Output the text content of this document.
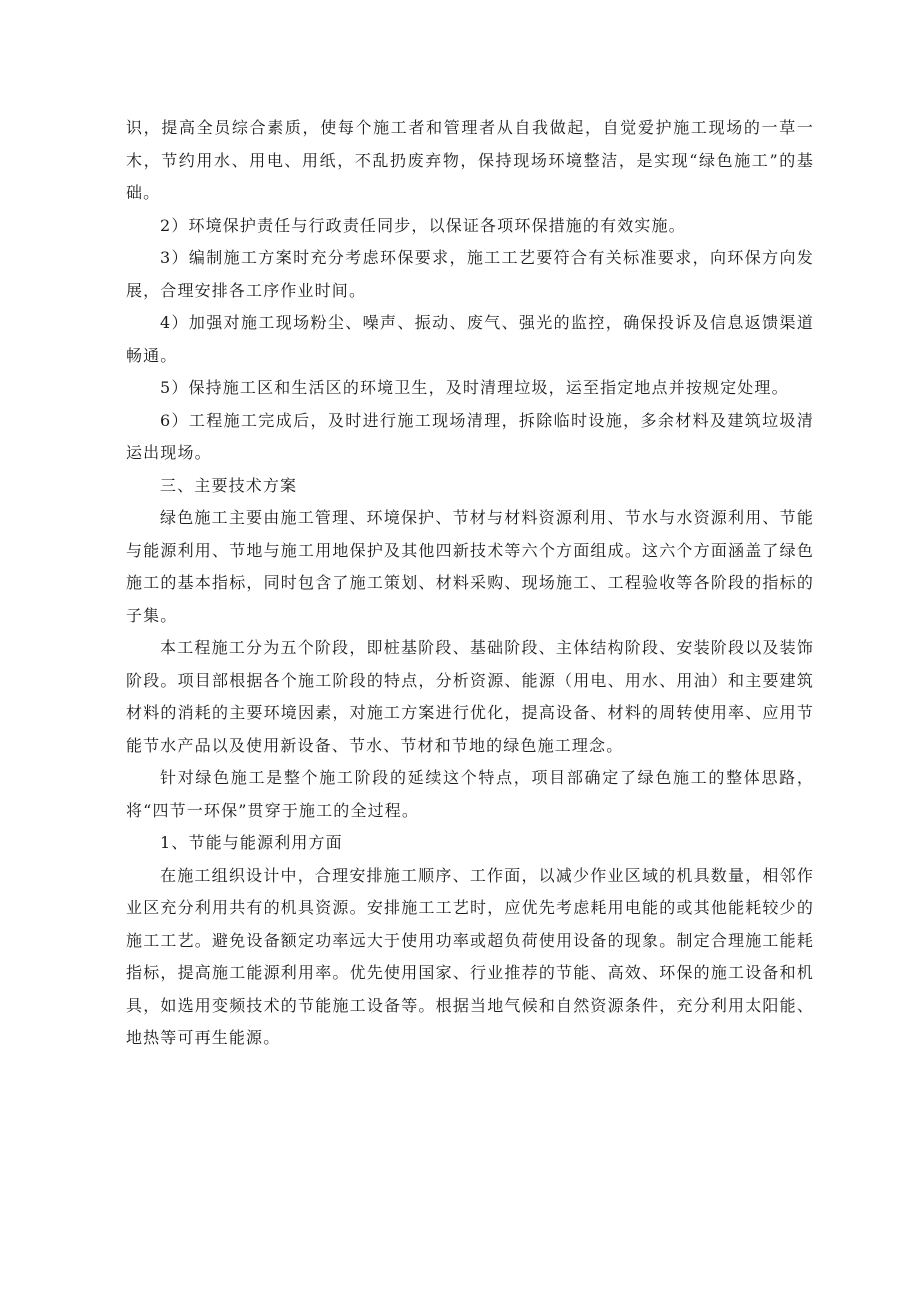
识，提高全员综合素质，使每个施工者和管理者从自我做起，自觉爱护施工现场的一草一木，节约用水、用电、用纸，不乱扔废弃物，保持现场环境整洁，是实现“绿色施工”的基础。

2）环境保护责任与行政责任同步，以保证各项环保措施的有效实施。

3）编制施工方案时充分考虑环保要求，施工工艺要符合有关标准要求，向环保方向发展，合理安排各工序作业时间。

4）加强对施工现场粉尘、噪声、振动、废气、强光的监控，确保投诉及信息返馈渠道畅通。

5）保持施工区和生活区的环境卫生，及时清理垃圾，运至指定地点并按规定处理。

6）工程施工完成后，及时进行施工现场清理，拆除临时设施，多余材料及建筑垃圾清运出现场。

三、主要技术方案

绿色施工主要由施工管理、环境保护、节材与材料资源利用、节水与水资源利用、节能与能源利用、节地与施工用地保护及其他四新技术等六个方面组成。这六个方面涵盖了绿色施工的基本指标，同时包含了施工策划、材料采购、现场施工、工程验收等各阶段的指标的子集。

本工程施工分为五个阶段，即桩基阶段、基础阶段、主体结构阶段、安装阶段以及装饰阶段。项目部根据各个施工阶段的特点，分析资源、能源（用电、用水、用油）和主要建筑材料的消耗的主要环境因素，对施工方案进行优化，提高设备、材料的周转使用率、应用节能节水产品以及使用新设备、节水、节材和节地的绿色施工理念。

针对绿色施工是整个施工阶段的延续这个特点，项目部确定了绿色施工的整体思路，将“四节一环保”贯穿于施工的全过程。

1、节能与能源利用方面

在施工组织设计中，合理安排施工顺序、工作面，以减少作业区域的机具数量，相邻作业区充分利用共有的机具资源。安排施工工艺时，应优先考虑耗用电能的或其他能耗较少的施工工艺。避免设备额定功率远大于使用功率或超负荷使用设备的现象。制定合理施工能耗指标，提高施工能源利用率。优先使用国家、行业推荐的节能、高效、环保的施工设备和机具，如选用变频技术的节能施工设备等。根据当地气候和自然资源条件，充分利用太阳能、地热等可再生能源。
